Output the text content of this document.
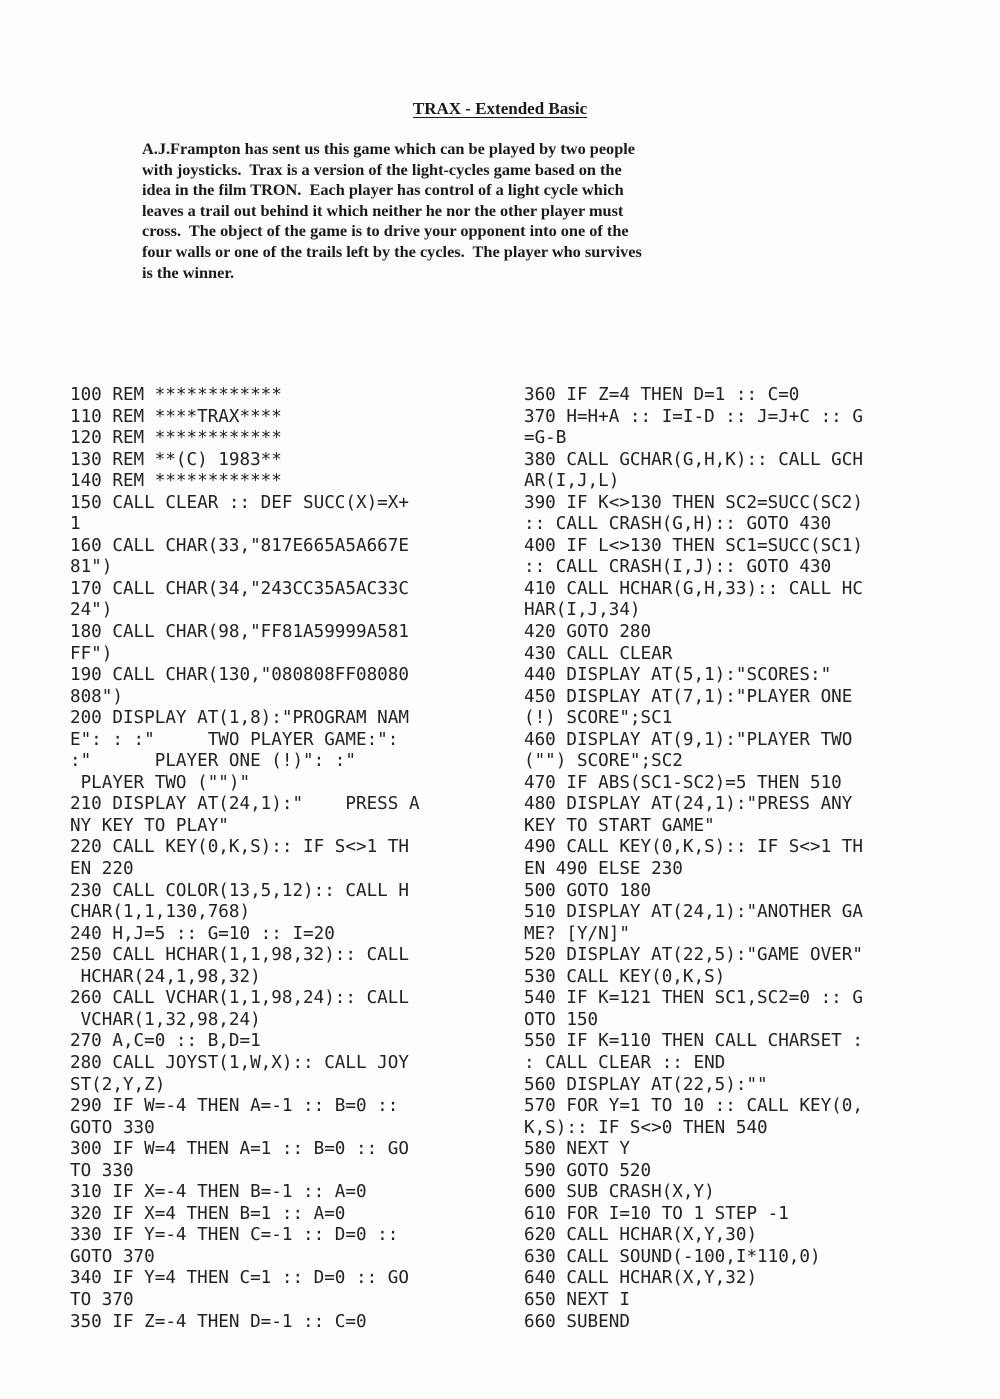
TRAX - Extended Basic

A.J.Frampton has sent us this game which can be played by two people
with joysticks.  Trax is a version of the light-cycles game based on the
idea in the film TRON.  Each player has control of a light cycle which
leaves a trail out behind it which neither he nor the other player must
cross.  The object of the game is to drive your opponent into one of the
four walls or one of the trails left by the cycles.  The player who survives
is the winner.

100 REM ************
110 REM ****TRAX****
120 REM ************
130 REM **(C) 1983**
140 REM ************
150 CALL CLEAR :: DEF SUCC(X)=X+
1
160 CALL CHAR(33,"817E665A5A667E
81")
170 CALL CHAR(34,"243CC35A5AC33C
24")
180 CALL CHAR(98,"FF81A59999A581
FF")
190 CALL CHAR(130,"080808FF08080
808")
200 DISPLAY AT(1,8):"PROGRAM NAM
E": : :"     TWO PLAYER GAME:":
:"      PLAYER ONE (!)": :"
PLAYER TWO ("")"
210 DISPLAY AT(24,1):"    PRESS A
NY KEY TO PLAY"
220 CALL KEY(0,K,S):: IF S<>1 TH
EN 220
230 CALL COLOR(13,5,12):: CALL H
CHAR(1,1,130,768)
240 H,J=5 :: G=10 :: I=20
250 CALL HCHAR(1,1,98,32):: CALL
HCHAR(24,1,98,32)
260 CALL VCHAR(1,1,98,24):: CALL
VCHAR(1,32,98,24)
270 A,C=0 :: B,D=1
280 CALL JOYST(1,W,X):: CALL JOY
ST(2,Y,Z)
290 IF W=-4 THEN A=-1 :: B=0 ::
GOTO 330
300 IF W=4 THEN A=1 :: B=0 :: GO
TO 330
310 IF X=-4 THEN B=-1 :: A=0
320 IF X=4 THEN B=1 :: A=0
330 IF Y=-4 THEN C=-1 :: D=0 ::
GOTO 370
340 IF Y=4 THEN C=1 :: D=0 :: GO
TO 370
350 IF Z=-4 THEN D=-1 :: C=0
360 IF Z=4 THEN D=1 :: C=0
370 H=H+A :: I=I-D :: J=J+C :: G
=G-B
380 CALL GCHAR(G,H,K):: CALL GCH
AR(I,J,L)
390 IF K<>130 THEN SC2=SUCC(SC2)
:: CALL CRASH(G,H):: GOTO 430
400 IF L<>130 THEN SC1=SUCC(SC1)
:: CALL CRASH(I,J):: GOTO 430
410 CALL HCHAR(G,H,33):: CALL HC
HAR(I,J,34)
420 GOTO 280
430 CALL CLEAR
440 DISPLAY AT(5,1):"SCORES:"
450 DISPLAY AT(7,1):"PLAYER ONE
(!) SCORE";SC1
460 DISPLAY AT(9,1):"PLAYER TWO
("") SCORE";SC2
470 IF ABS(SC1-SC2)=5 THEN 510
480 DISPLAY AT(24,1):"PRESS ANY
KEY TO START GAME"
490 CALL KEY(0,K,S):: IF S<>1 TH
EN 490 ELSE 230
500 GOTO 180
510 DISPLAY AT(24,1):"ANOTHER GA
ME? [Y/N]"
520 DISPLAY AT(22,5):"GAME OVER"
530 CALL KEY(0,K,S)
540 IF K=121 THEN SC1,SC2=0 :: G
OTO 150
550 IF K=110 THEN CALL CHARSET :
: CALL CLEAR :: END
560 DISPLAY AT(22,5):""
570 FOR Y=1 TO 10 :: CALL KEY(0,
K,S):: IF S<>0 THEN 540
580 NEXT Y
590 GOTO 520
600 SUB CRASH(X,Y)
610 FOR I=10 TO 1 STEP -1
620 CALL HCHAR(X,Y,30)
630 CALL SOUND(-100,I*110,0)
640 CALL HCHAR(X,Y,32)
650 NEXT I
660 SUBEND
